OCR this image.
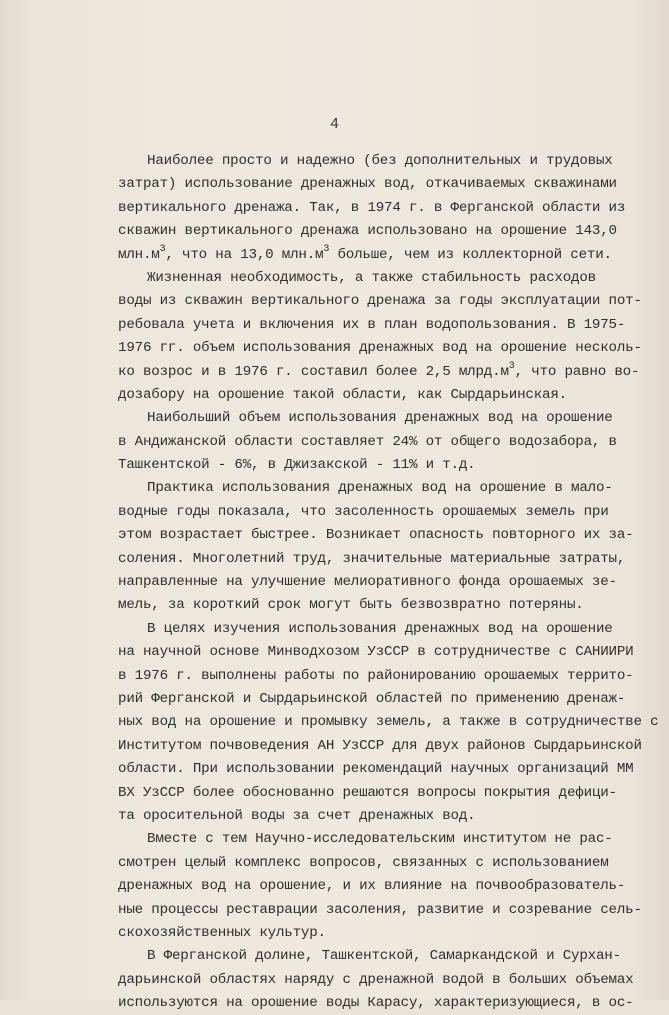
4
Наиболее просто и надежно (без дополнительных и трудовых
затрат) использование дренажных вод, откачиваемых скважинами
вертикального дренажа. Так, в 1974 г. в Ферганской области из
скважин вертикального дренажа использовано на орошение 143,0
$млн.м^3$, что на 13,0 $млн.м^3$ больше, чем из коллекторной сети.
Жизненная необходимость, а также стабильность расходов
воды из скважин вертикального дренажа за годы эксплуатации пот-
ребовала учета и включения их в план водопользования. В 1975-
1976 гг. объем использования дренажных вод на орошение несколь-
ко возрос и в 1976 г. составил более 2,5 $млрд.м^3$, что равно во-
дозабору на орошение такой области, как Сырдарьинская.
Наибольший объем использования дренажных вод на орошение
в Андижанской области составляет 24% от общего водозабора, в
Ташкентской - 6%, в Джизакской - 11% и т.д.
Практика использования дренажных вод на орошение в мало-
водные годы показала, что засоленность орошаемых земель при
этом возрастает быстрее. Возникает опасность повторного их за-
соления. Многолетний труд, значительные материальные затраты,
направленные на улучшение мелиоративного фонда орошаемых зе-
мель, за короткий срок могут быть безвозвратно потеряны.
В целях изучения использования дренажных вод на орошение
на научной основе Минводхозом УзССР в сотрудничестве с САНИИРИ
в 1976 г. выполнены работы по районированию орошаемых террито-
рий Ферганской и Сырдарьинской областей по применению дренаж-
ных вод на орошение и промывку земель, а также в сотрудничестве с
Институтом почвоведения АН УзССР для двух районов Сырдарьинской
области. При использовании рекомендаций научных организаций ММ
ВХ УзССР более обоснованно решаются вопросы покрытия дефици-
та оросительной воды за счет дренажных вод.
Вместе с тем Научно-исследовательским институтом не рас-
смотрен целый комплекс вопросов, связанных с использованием
дренажных вод на орошение, и их влияние на почвообразователь-
ные процессы реставрации засоления, развитие и созревание сель-
скохозяйственных культур.
В Ферганской долине, Ташкентской, Самаркандской и Сурхан-
дарьинской областях наряду с дренажной водой в больших объемах
используются на орошение воды Карасу, характеризующиеся, в ос-
